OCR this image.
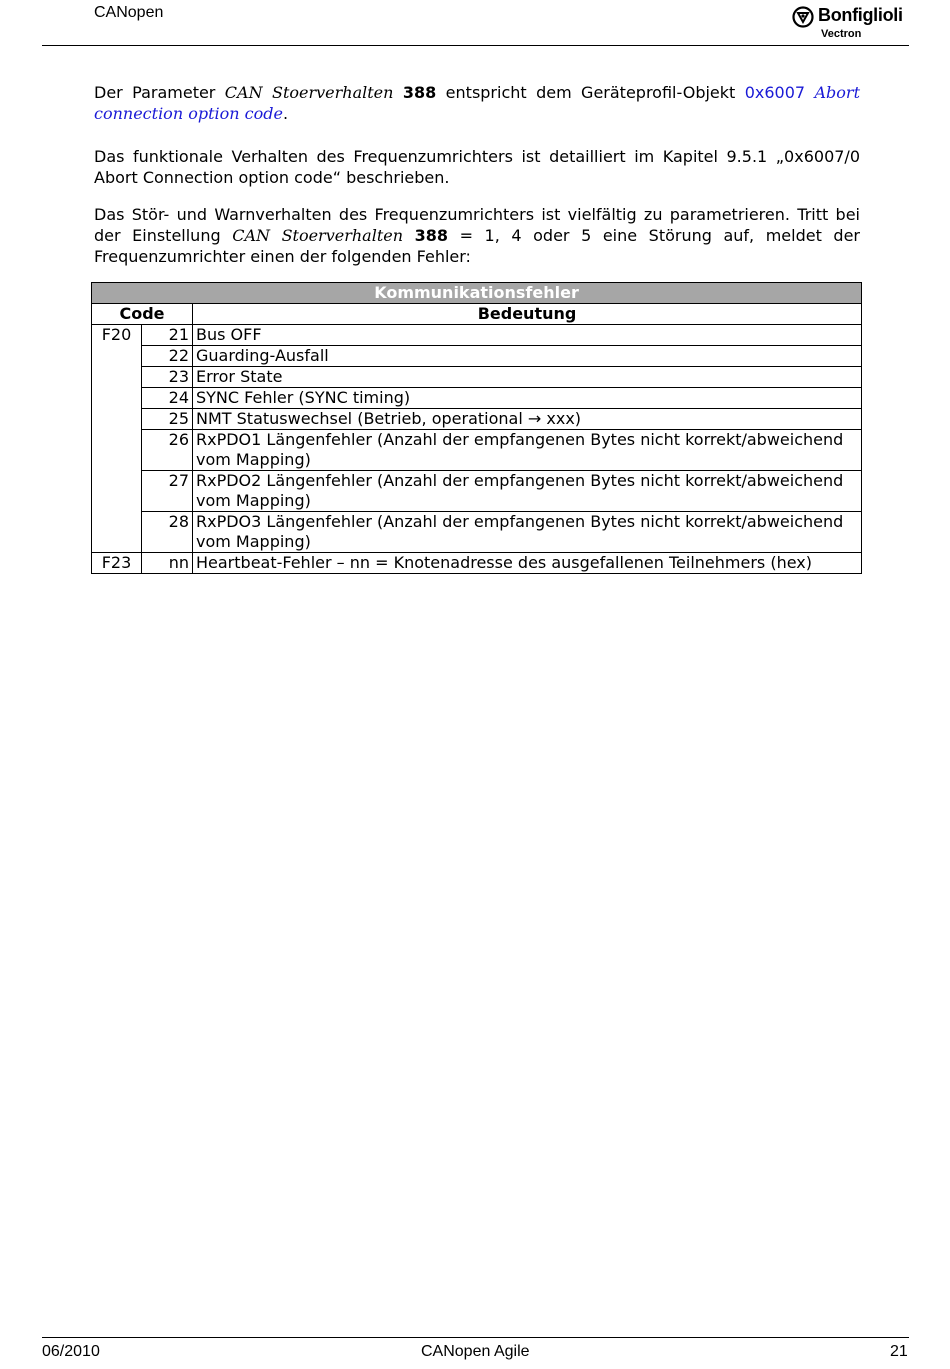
CANopen	Bonfiglioli
Vectron
Der Parameter CAN Stoerverhalten 388 entspricht dem Geräteprofil-Objekt 0x6007 Abort connection option code.
Das funktionale Verhalten des Frequenzumrichters ist detailliert im Kapitel 9.5.1 „0x6007/0 Abort Connection option code“ beschrieben.
Das Stör- und Warnverhalten des Frequenzumrichters ist vielfältig zu parametrieren. Tritt bei der Einstellung CAN Stoerverhalten 388 = 1, 4 oder 5 eine Störung auf, meldet der Frequenzumrichter einen der folgenden Fehler:
Kommunikationsfehler		
Code		Bedeutung
F20	21	Bus OFF
	22	Guarding-Ausfall
	23	Error State
	24	SYNC Fehler (SYNC timing)
	25	NMT Statuswechsel (Betrieb, operational → xxx)
	26	RxPDO1 Längenfehler (Anzahl der empfangenen Bytes nicht korrekt/abweichend vom Mapping)
	27	RxPDO2 Längenfehler (Anzahl der empfangenen Bytes nicht korrekt/abweichend vom Mapping)
	28	RxPDO3 Längenfehler (Anzahl der empfangenen Bytes nicht korrekt/abweichend vom Mapping)
F23	nn	Heartbeat-Fehler – nn = Knotenadresse des ausgefallenen Teilnehmers (hex)
06/2010	CANopen Agile	21
